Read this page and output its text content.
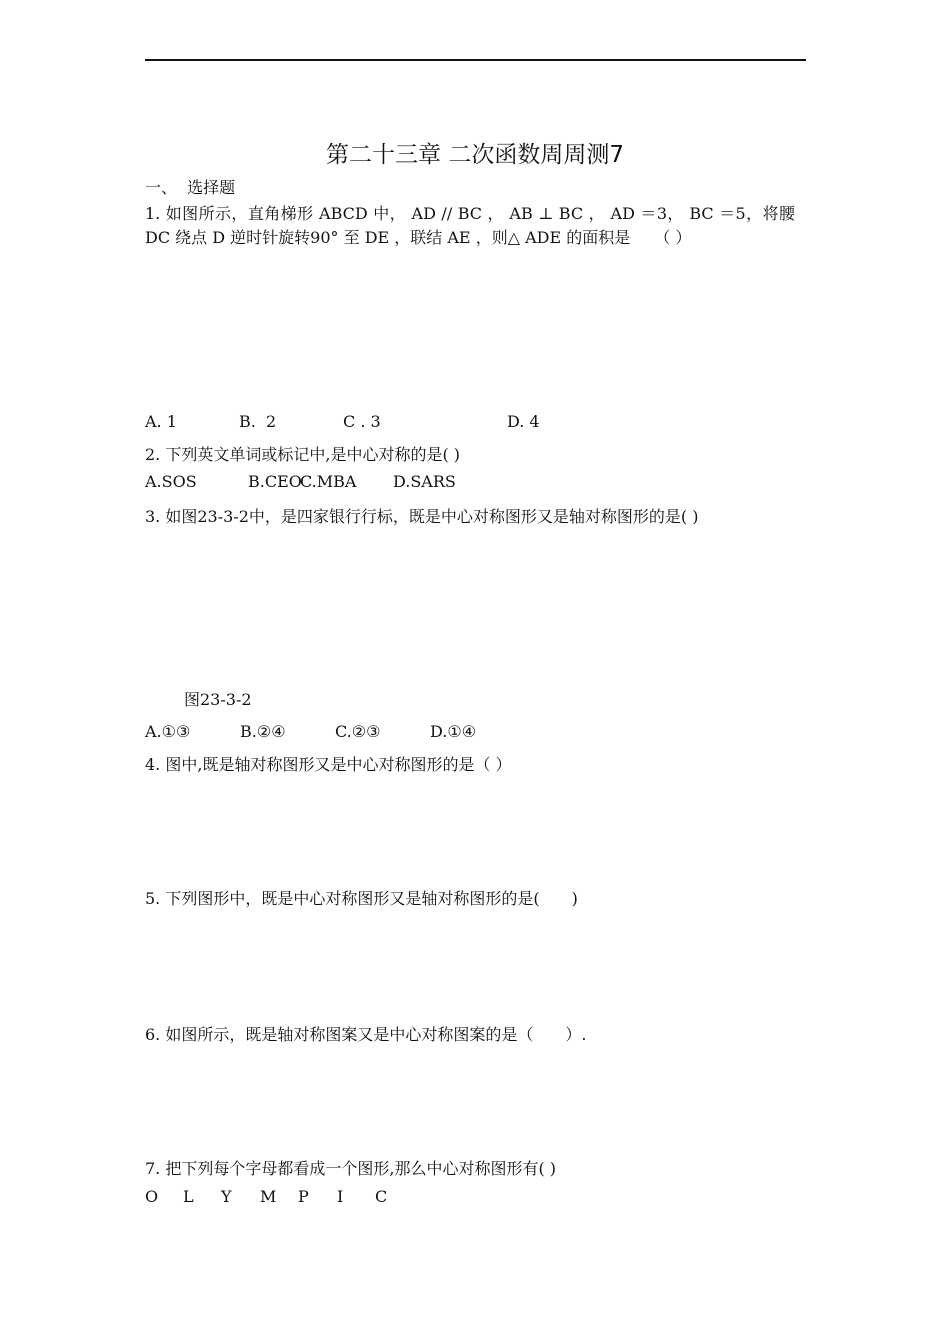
第二十三章 二次函数周周测7
一、  选择题
1. 如图所示，直角梯形 ABCD 中， AD // BC ， AB ⊥ BC ， AD ＝3， BC ＝5，将腰 DC 绕点 D 逆时针旋转90° 至 DE ，联结 AE ，则△ ADE 的面积是　　（ ）
A. 1	B.  2	C . 3	D. 4
2. 下列英文单词或标记中,是中心对称的是( )
A.SOS	B.CEO
C.MBA D.SARS
3. 如图23-3-2中，是四家银行行标，既是中心对称图形又是轴对称图形的是( )
图23-3-2
A.①③	B.②④	C.②③	D.①④
4. 图中,既是轴对称图形又是中心对称图形的是（ ）
5. 下列图形中，既是中心对称图形又是轴对称图形的是(　　)
6. 如图所示，既是轴对称图案又是中心对称图案的是（　　）.
7. 把下列每个字母都看成一个图形,那么中心对称图形有( )
O L Y M P I C
